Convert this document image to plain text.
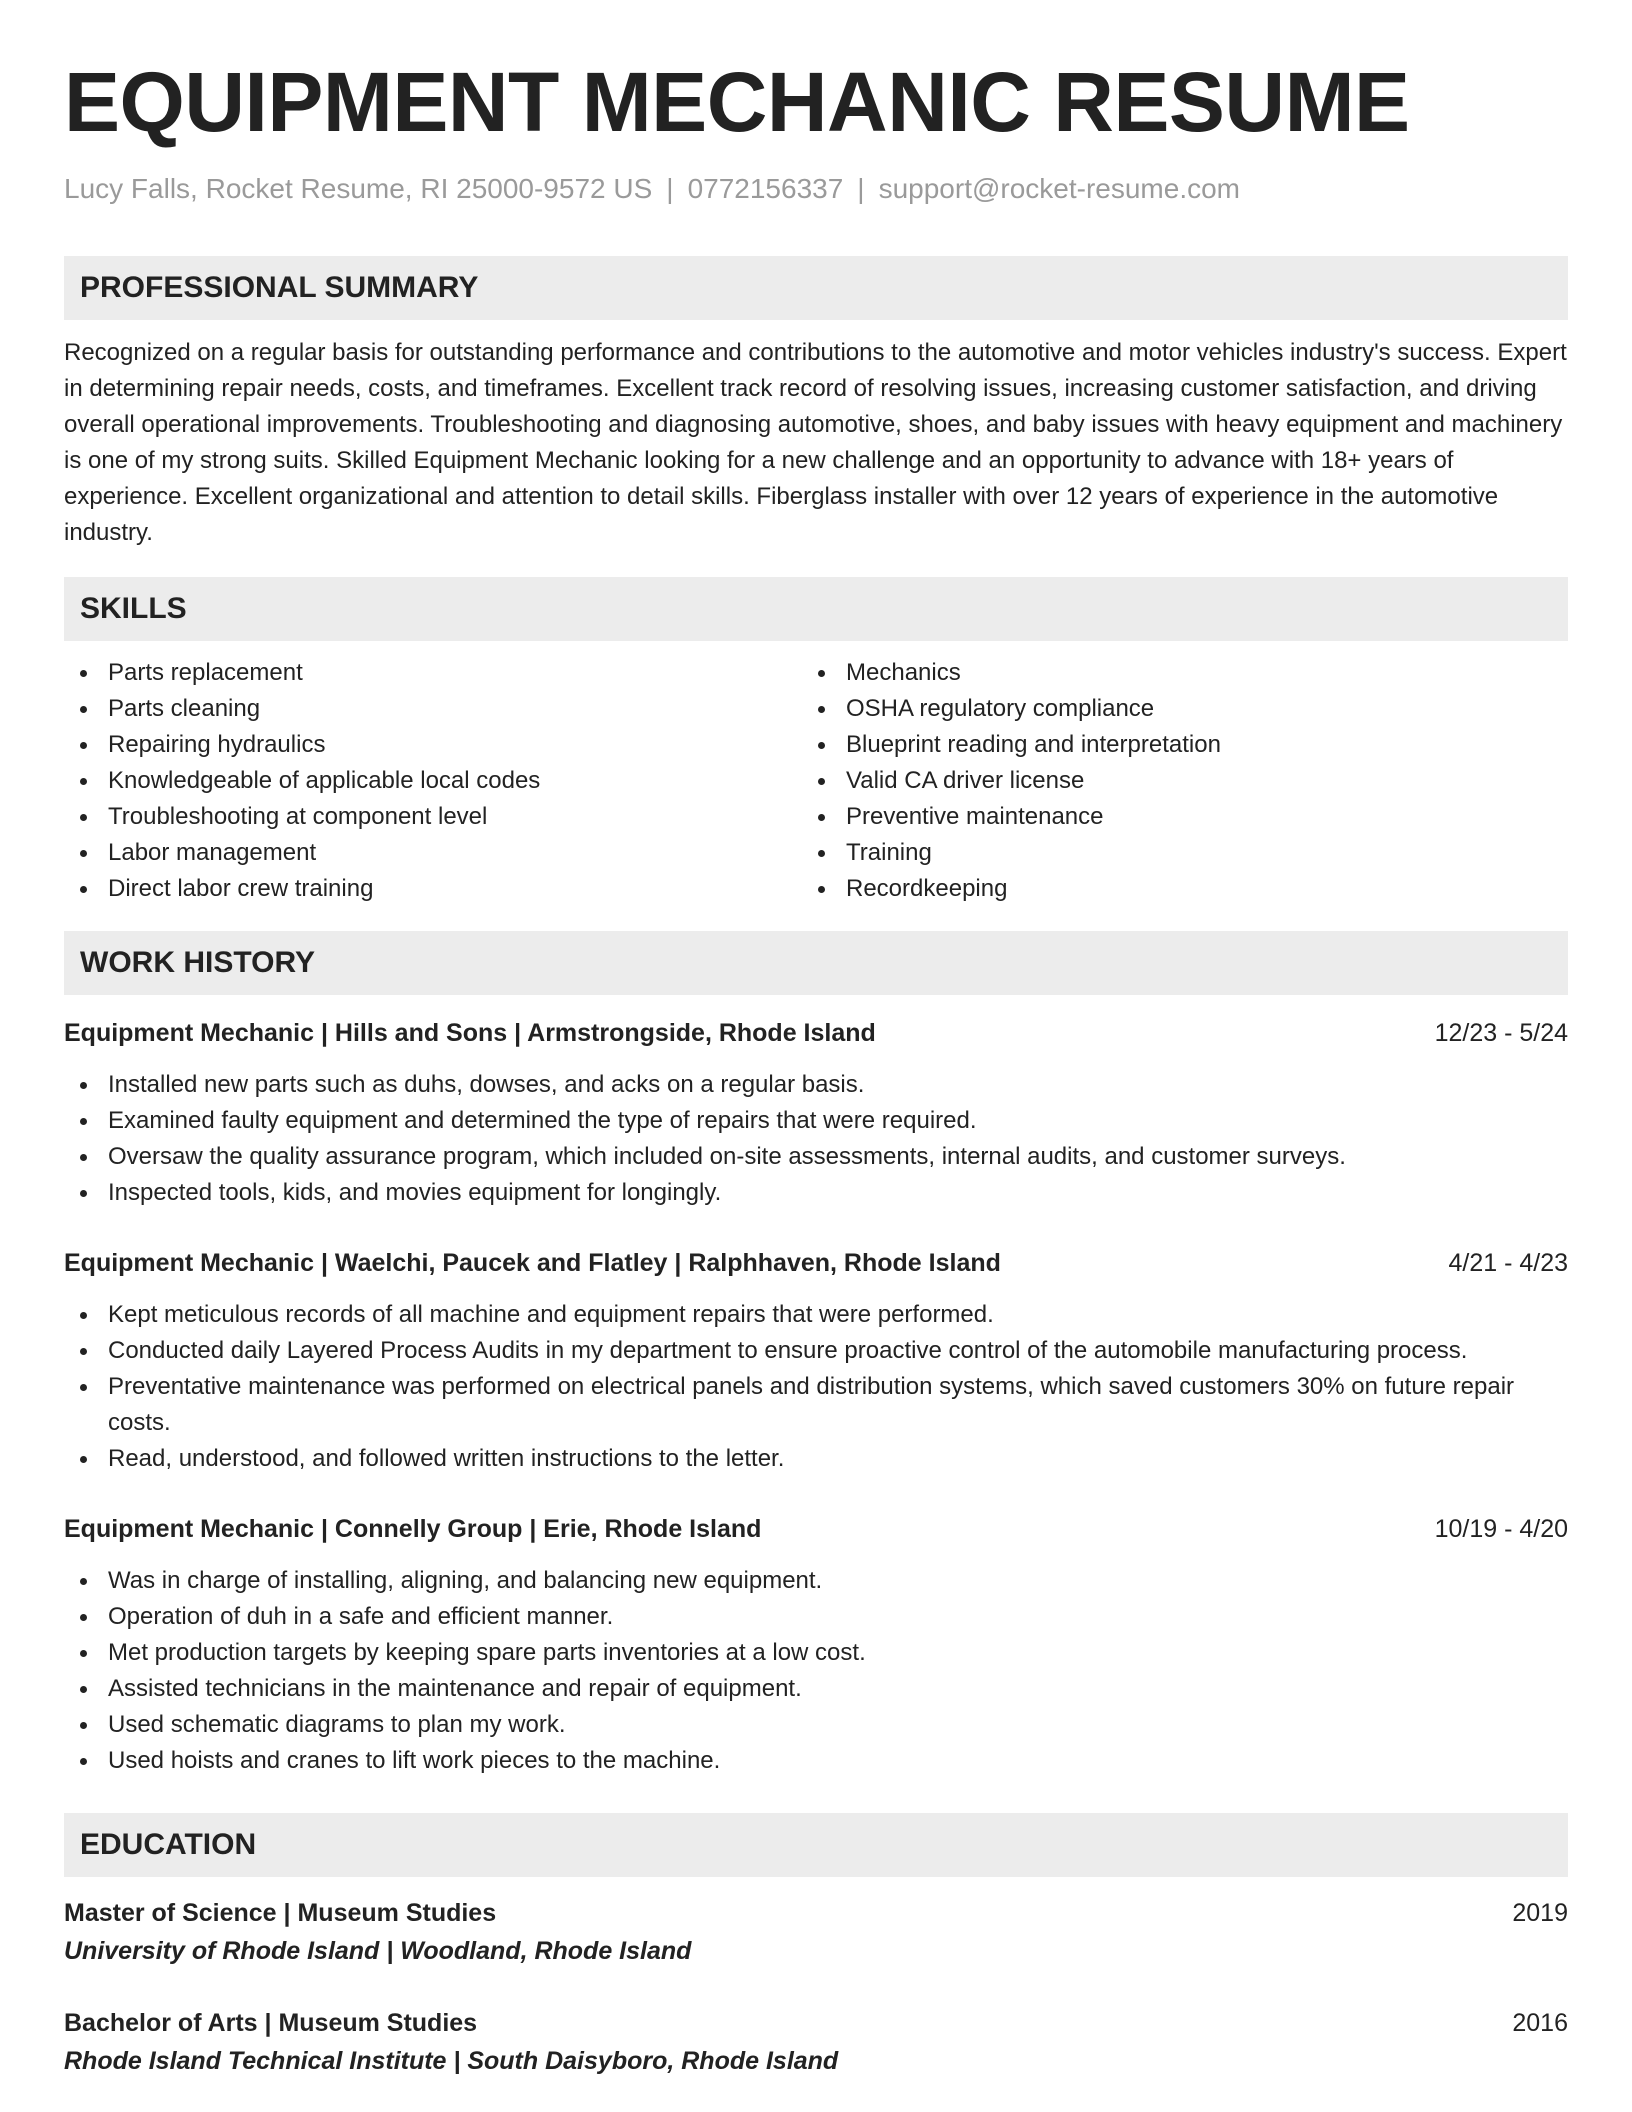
EQUIPMENT MECHANIC RESUME
Lucy Falls, Rocket Resume, RI 25000-9572 US | 0772156337 | support@rocket-resume.com
PROFESSIONAL SUMMARY
Recognized on a regular basis for outstanding performance and contributions to the automotive and motor vehicles industry's success. Expert in determining repair needs, costs, and timeframes. Excellent track record of resolving issues, increasing customer satisfaction, and driving overall operational improvements. Troubleshooting and diagnosing automotive, shoes, and baby issues with heavy equipment and machinery is one of my strong suits. Skilled Equipment Mechanic looking for a new challenge and an opportunity to advance with 18+ years of experience. Excellent organizational and attention to detail skills. Fiberglass installer with over 12 years of experience in the automotive industry.
SKILLS
Parts replacement
Parts cleaning
Repairing hydraulics
Knowledgeable of applicable local codes
Troubleshooting at component level
Labor management
Direct labor crew training
Mechanics
OSHA regulatory compliance
Blueprint reading and interpretation
Valid CA driver license
Preventive maintenance
Training
Recordkeeping
WORK HISTORY
Equipment Mechanic | Hills and Sons | Armstrongside, Rhode Island	12/23 - 5/24
Installed new parts such as duhs, dowses, and acks on a regular basis.
Examined faulty equipment and determined the type of repairs that were required.
Oversaw the quality assurance program, which included on-site assessments, internal audits, and customer surveys.
Inspected tools, kids, and movies equipment for longingly.
Equipment Mechanic | Waelchi, Paucek and Flatley | Ralphhaven, Rhode Island	4/21 - 4/23
Kept meticulous records of all machine and equipment repairs that were performed.
Conducted daily Layered Process Audits in my department to ensure proactive control of the automobile manufacturing process.
Preventative maintenance was performed on electrical panels and distribution systems, which saved customers 30% on future repair costs.
Read, understood, and followed written instructions to the letter.
Equipment Mechanic | Connelly Group | Erie, Rhode Island	10/19 - 4/20
Was in charge of installing, aligning, and balancing new equipment.
Operation of duh in a safe and efficient manner.
Met production targets by keeping spare parts inventories at a low cost.
Assisted technicians in the maintenance and repair of equipment.
Used schematic diagrams to plan my work.
Used hoists and cranes to lift work pieces to the machine.
EDUCATION
Master of Science | Museum Studies	2019
University of Rhode Island | Woodland, Rhode Island
Bachelor of Arts | Museum Studies	2016
Rhode Island Technical Institute | South Daisyboro, Rhode Island
